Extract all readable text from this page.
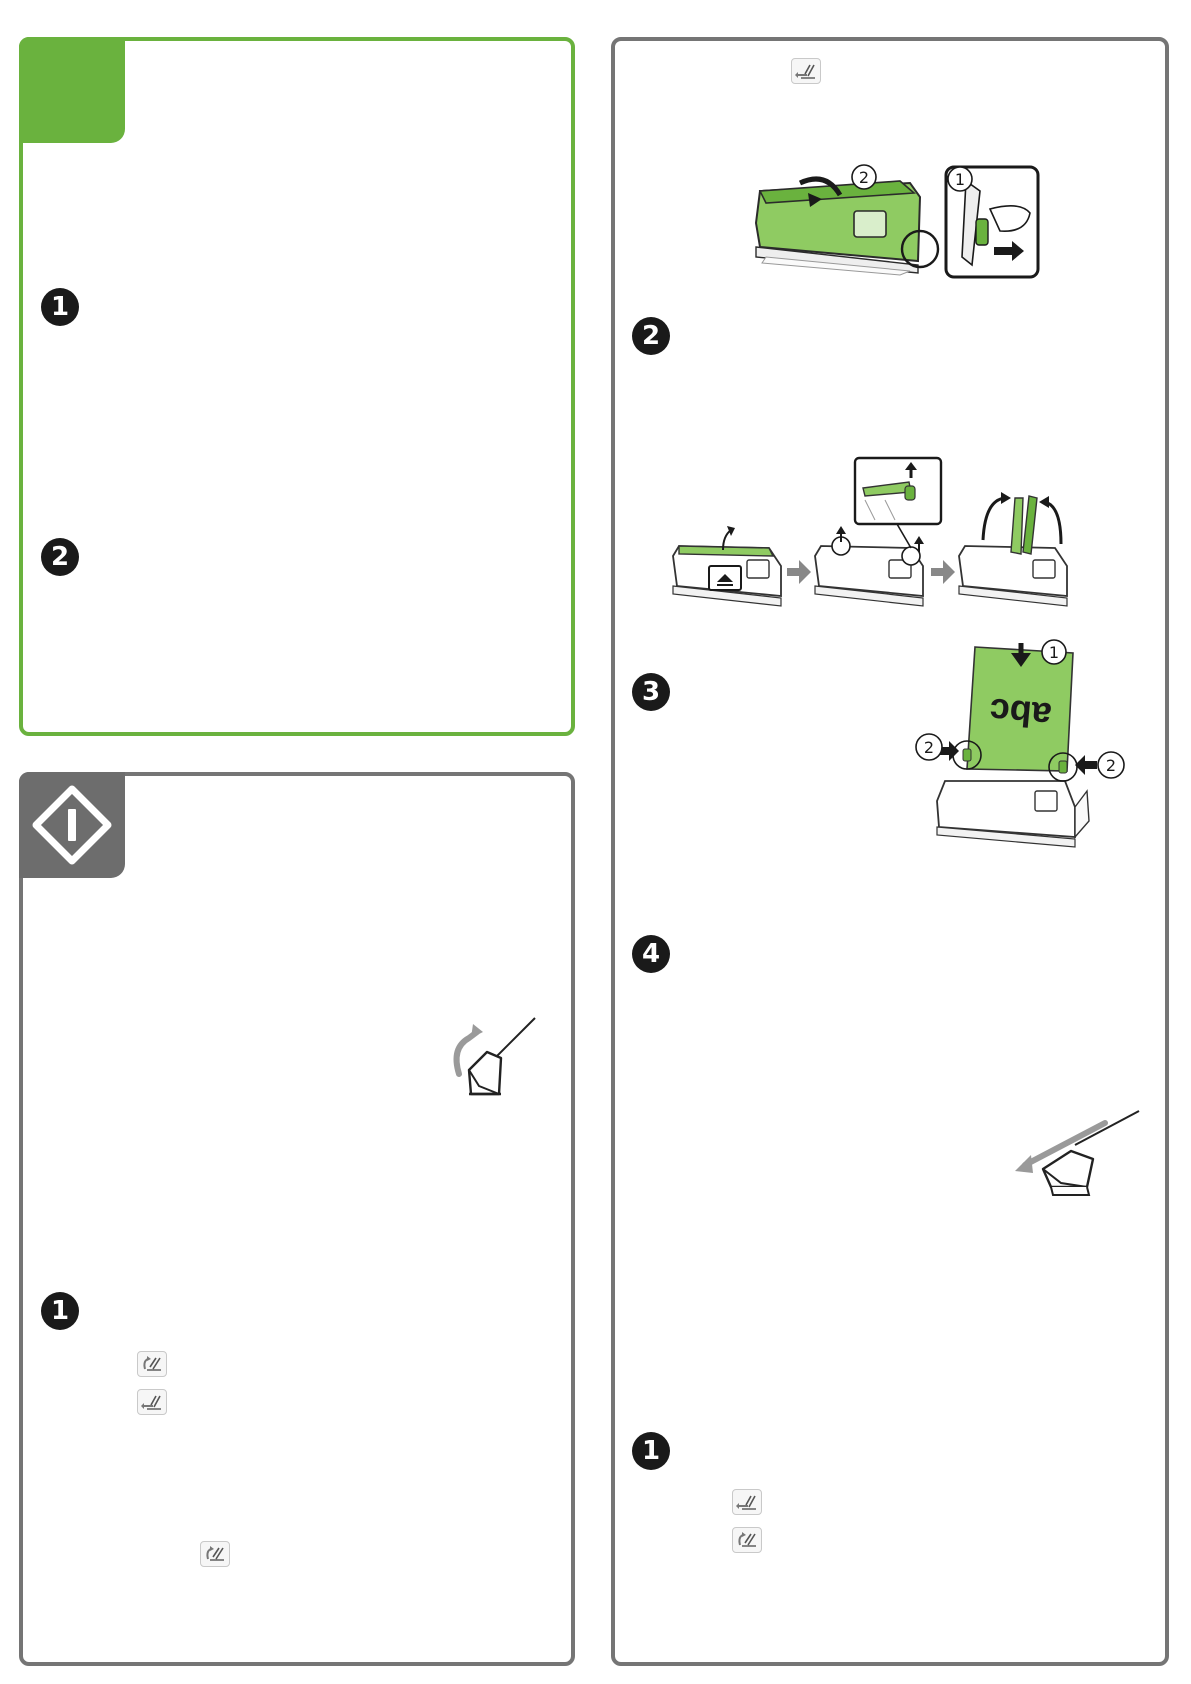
1
2
1
2	1
2
3	abc
1
2
2
4
1
